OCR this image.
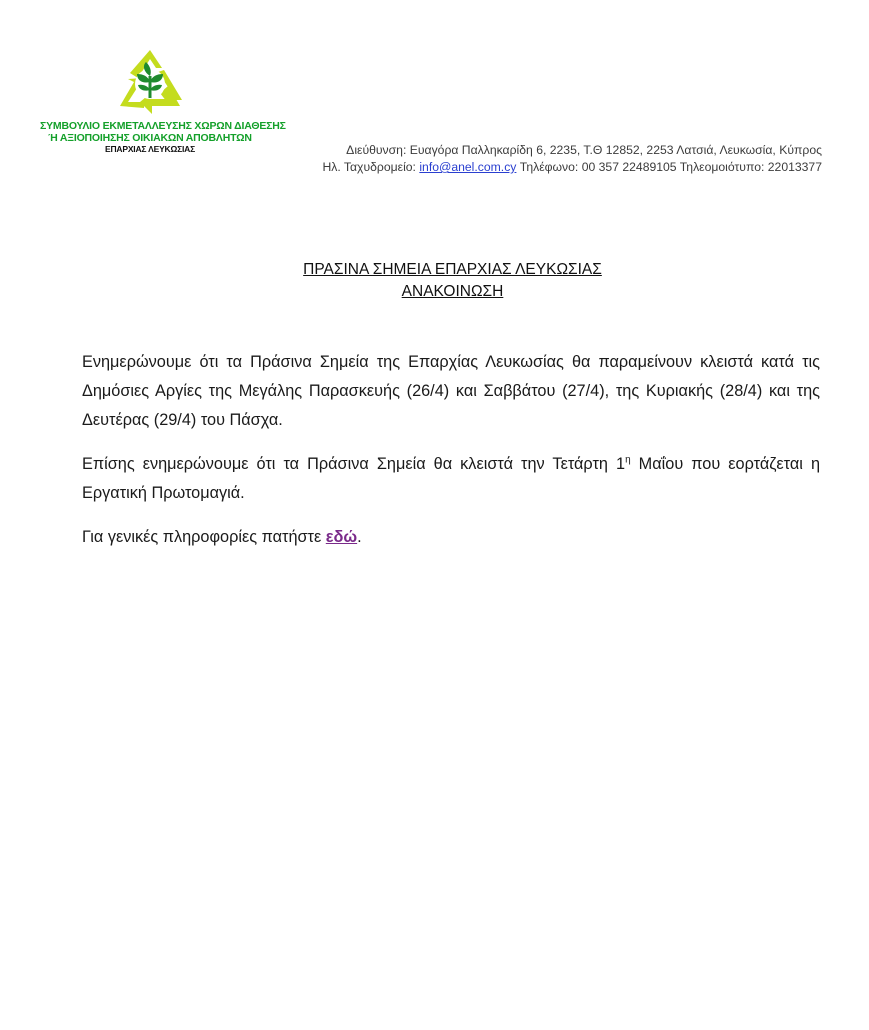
ΣΥΜΒΟΥΛΙΟ ΕΚΜΕΤΑΛΛΕΥΣΗΣ ΧΩΡΩΝ ΔΙΑΘΕΣΗΣ
Ή ΑΞΙΟΠΟΙΗΣΗΣ ΟΙΚΙΑΚΩΝ ΑΠΟΒΛΗΤΩΝ
ΕΠΑΡΧΙΑΣ ΛΕΥΚΩΣΙΑΣ	Διεύθυνση: Ευαγόρα Παλληκαρίδη 6, 2235, Τ.Θ 12852, 2253 Λατσιά, Λευκωσία, Κύπρος
Ηλ. Ταχυδρομείο: info@anel.com.cy Τηλέφωνο: 00 357 22489105 Τηλεομοιότυπο: 22013377
ΠΡΑΣΙΝΑ ΣΗΜΕΙΑ ΕΠΑΡΧΙΑΣ ΛΕΥΚΩΣΙΑΣ
ΑΝΑΚΟΙΝΩΣΗ

Ενημερώνουμε ότι τα Πράσινα Σημεία της Επαρχίας Λευκωσίας θα παραμείνουν κλειστά κατά τις Δημόσιες Αργίες της Μεγάλης Παρασκευής (26/4) και Σαββάτου (27/4), της Κυριακής (28/4) και της Δευτέρας (29/4) του Πάσχα.

Επίσης ενημερώνουμε ότι τα Πράσινα Σημεία θα κλειστά την Τετάρτη $1^\eta$ Μαΐου που εορτάζεται η Εργατική Πρωτομαγιά.

Για γενικές πληροφορίες πατήστε εδώ.
